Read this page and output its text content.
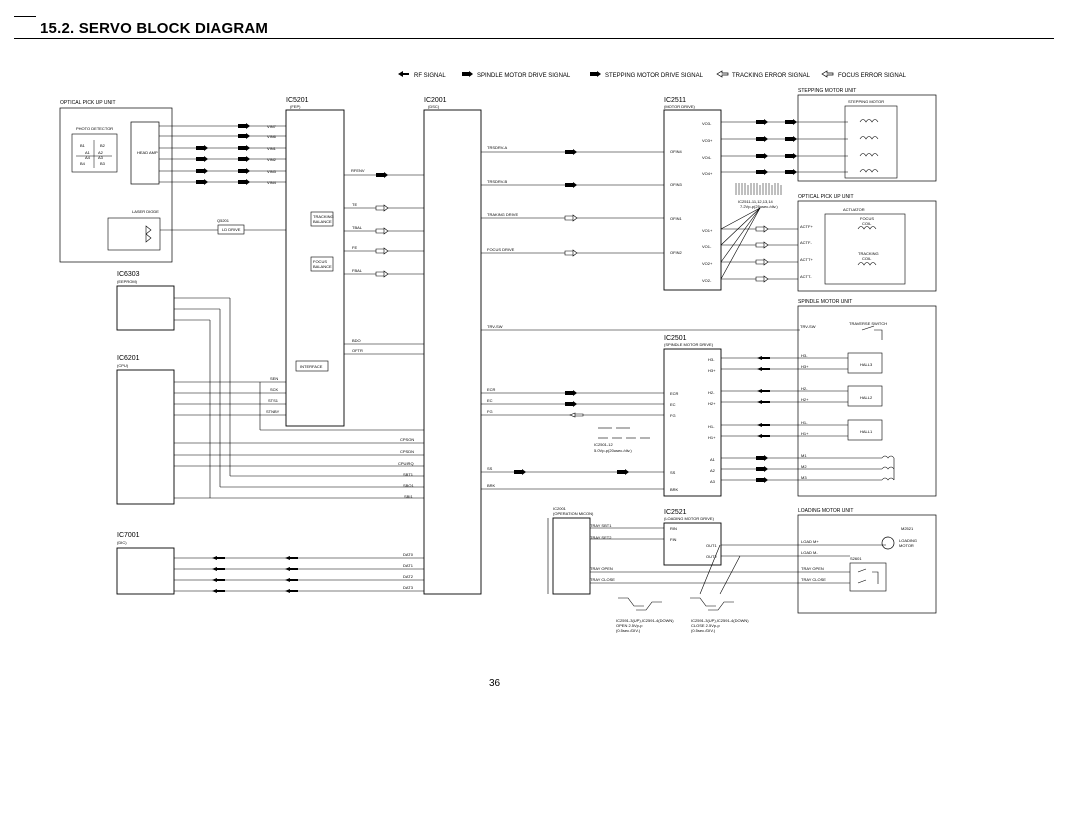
15.2. SERVO BLOCK DIAGRAM
RF SIGNAL	SPINDLE MOTOR DRIVE SIGNAL	STEPPING MOTOR DRIVE SIGNAL	TRACKING ERROR SIGNAL	FOCUS ERROR SIGNAL
OPTICAL PICK UP UNIT
PHOTO DETECTOR
B1	B2
A1 A2
A4 A3
B4	B3
HEAD AMP
LASER DIODE
Q5201
LD DRIVE
IC5201
(FEP)
VIN7
VIN6
VIN1
VIN2
VIN3
VIN4
RFENV
TE
TRACKING
BALANCE
TBAL
FE
FOCUS
BALANCE
FBAL
BDO
OFTR
INTERFACE
SEN
SCK
STS1
STNBY
IC2001
(DSC)
CPSON
CPSDN
CPUIRQ
SBT1
SBO1
SBI1
DAT0
DAT1
DAT2
DAT3
TRSDRV-A
TRSDRV-B
TRAKING DRIVE
FOCUS DRIVE
TRV-SW
ECR
EC
FG
SS
BRK
IC2501-12
5.0Vp-p(20usec./div.)
IC6303
(EEPROM)
IC6201
(CPU)
IC7001
(DIC)
IC2511
(MOTOR DRIVE)
OFIN4
OFIN3
OFIN1
OFIN2
VO3-
VO3+
VO4-
VO4+
VO1+
VO1-
VO2+
VO2-
IC2511-11,12,13,14
7.2Vp-p(25usec./div.)
STEPPING MOTOR UNIT
STEPPING MOTOR
OPTICAL PICK UP UNIT
ACTUATOR
FOCUS
COIL
TRACKING
COIL
ACTF+
ACTF-
ACTT+
ACTT-
IC2501
(SPINDLE MOTOR DRIVE)
H3-
H3+
H2-
H2+
H1-
H1+
ECR
EC
FG
SS
BRK
A1
A2
A3
SPINDLE MOTOR UNIT
TRAVERSE SWITCH
TRV-SW
HALL3
HALL2
HALL1
H3-
H3+
H2-
H2+
H1-
H1+
M1
M2
M3
IC2001
(OPERATION MICON)
TRAY SBT1
TRAY SET2
TRAY OPEN
TRAY CLOSE
IC2521
(LOADING MOTOR DRIVE)
RIN
FIN
OUT1
OUT2
IC2591-3(UP),IC2591-4(DOWN)
OPEN 2.5Vp-p
(0.5sec./DIV.)
IC2591-3(UP),IC2591-4(DOWN)
CLOSE 2.5Vp-p
(0.5sec./DIV.)
LOADING MOTOR UNIT
M2521
LOADING
MOTOR
LOAD M+
LOAD M-
S2601
TRAY OPEN
TRAY CLOSE
36
